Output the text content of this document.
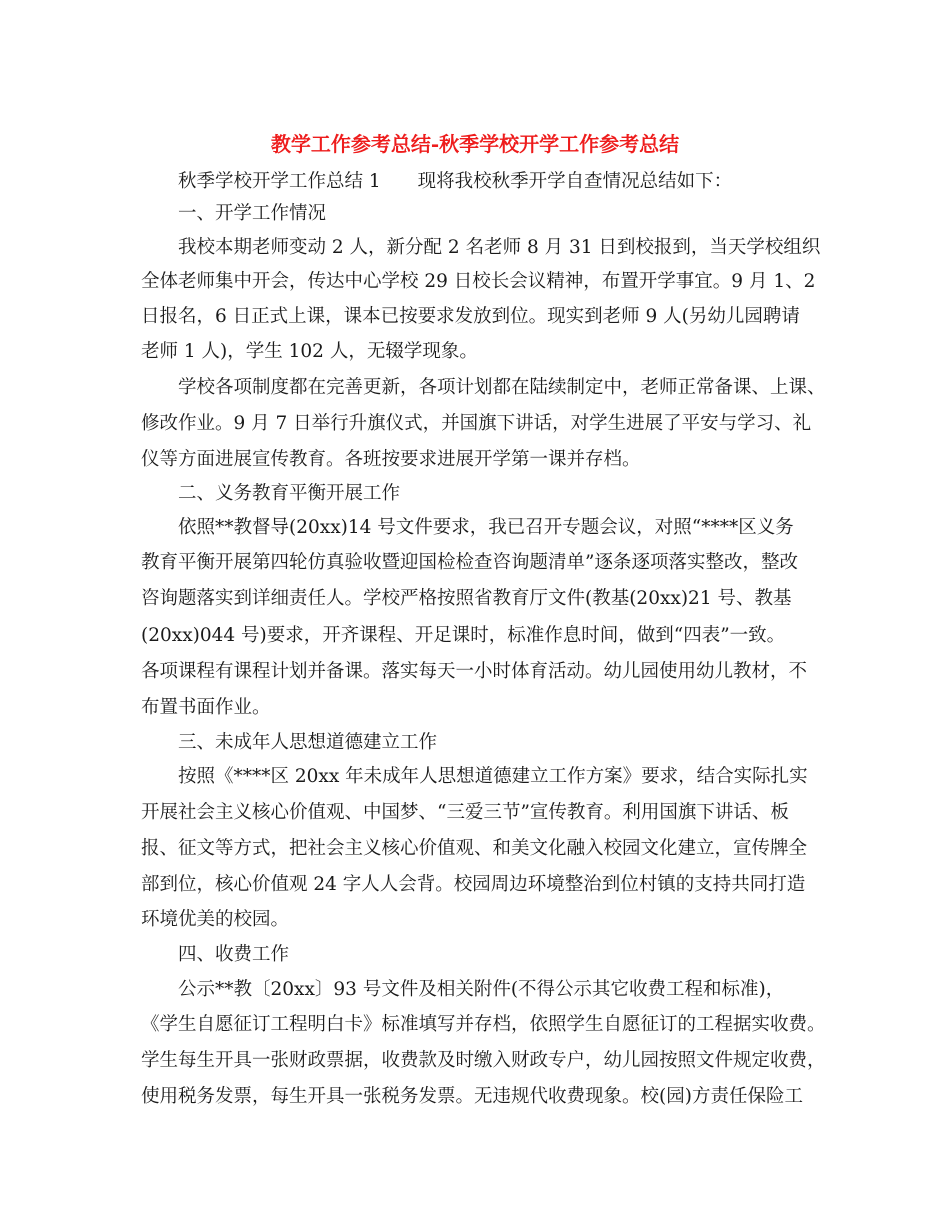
教学工作参考总结-秋季学校开学工作参考总结
秋季学校开学工作总结 1　　现将我校秋季开学自查情况总结如下：
一、开学工作情况
我校本期老师变动 2 人，新分配 2 名老师 8 月 31 日到校报到，当天学校组织
全体老师集中开会，传达中心学校 29 日校长会议精神，布置开学事宜。9 月 1、2
日报名，6 日正式上课，课本已按要求发放到位。现实到老师 9 人(另幼儿园聘请
老师 1 人)，学生 102 人，无辍学现象。
学校各项制度都在完善更新，各项计划都在陆续制定中，老师正常备课、上课、
修改作业。9 月 7 日举行升旗仪式，并国旗下讲话，对学生进展了平安与学习、礼
仪等方面进展宣传教育。各班按要求进展开学第一课并存档。
二、义务教育平衡开展工作
依照**教督导(20xx)14 号文件要求，我已召开专题会议，对照“****区义务
教育平衡开展第四轮仿真验收暨迎国检检查咨询题清单”逐条逐项落实整改，整改
咨询题落实到详细责任人。学校严格按照省教育厅文件(教基(20xx)21 号、教基
(20xx)044 号)要求，开齐课程、开足课时，标准作息时间，做到“四表”一致。
各项课程有课程计划并备课。落实每天一小时体育活动。幼儿园使用幼儿教材，不
布置书面作业。
三、未成年人思想道德建立工作
按照《****区 20xx 年未成年人思想道德建立工作方案》要求，结合实际扎实
开展社会主义核心价值观、中国梦、“三爱三节”宣传教育。利用国旗下讲话、板
报、征文等方式，把社会主义核心价值观、和美文化融入校园文化建立，宣传牌全
部到位，核心价值观 24 字人人会背。校园周边环境整治到位村镇的支持共同打造
环境优美的校园。
四、收费工作
公示**教〔20xx〕93 号文件及相关附件(不得公示其它收费工程和标准)，
《学生自愿征订工程明白卡》标准填写并存档，依照学生自愿征订的工程据实收费。
学生每生开具一张财政票据，收费款及时缴入财政专户，幼儿园按照文件规定收费，
使用税务发票，每生开具一张税务发票。无违规代收费现象。校(园)方责任保险工
